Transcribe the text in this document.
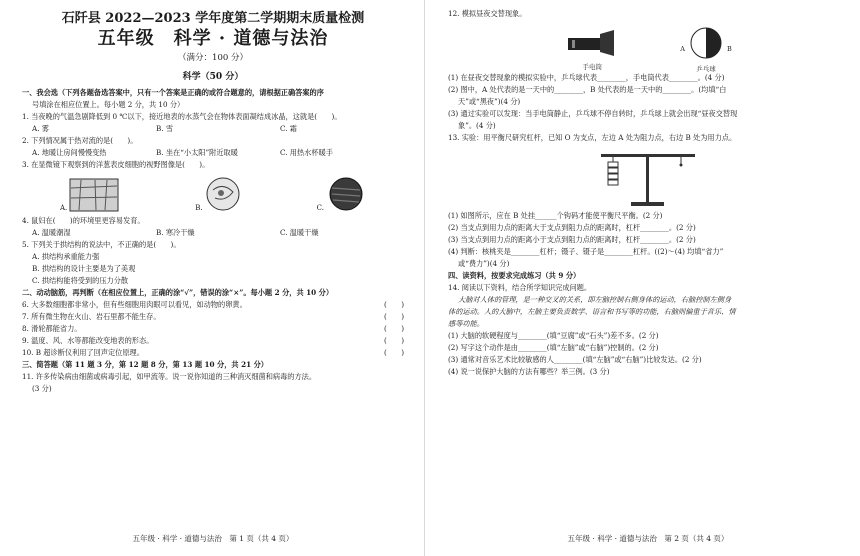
石阡县 2022—2023 学年度第二学期期末质量检测
五年级　科学 · 道德与法治
（满分：100 分）
科学（50 分）
一、我会选（下列各题备选答案中，只有一个答案是正确的或符合题意的，请根据正确答案的序
号填涂在相应位置上。每小题 2 分，共 10 分）
1. 当夜晚的气温急剧降低到 0 ℃以下，接近地表的水蒸气会在物体表面凝结成冰晶，这就是(　　)。
A. 雾	B. 雪	C. 霜
2. 下列情况属于热对流的是(　　)。
A. 地暖让房间慢慢变热	B. 坐在“小太阳”附近取暖	C. 用热水杯暖手
3. 在显微镜下观察到的洋葱表皮细胞的视野图像是(　　)。
A.	B.	C.
4. 鼠妇在(　　)的环境里更容易发育。
A. 温暖潮湿	B. 寒冷干燥	C. 温暖干燥
5. 下列关于拱结构的说法中，不正确的是(　　)。
A. 拱结构承重能力强
B. 拱结构的设计主要是为了美观
C. 拱结构能将受到的压力分散
二、动动脑筋，再判断（在相应位置上，正确的涂“√”，错误的涂“×”。每小题 2 分，共 10 分）
6. 大多数细胞都非常小，但有些细胞用肉眼可以看见，如动物的卵黄。	(　　)
7. 所有微生物在火山、岩石里都不能生存。	(　　)
8. 滑轮都能省力。	(　　)
9. 温度、风、水等都能改变地表的形态。	(　　)
10. B 超诊断仪利用了回声定位原理。	(　　)
三、简答题（第 11 题 3 分，第 12 题 8 分，第 13 题 10 分，共 21 分）
11. 许多传染病由细菌或病毒引起，如甲流等。说一说你知道的三种消灭细菌和病毒的方法。
(3 分)
五年级 · 科学 · 道德与法治　第 1 页（共 4 页）
12. 模拟昼夜交替现象。
手电筒
A
乒乓球
B
(1) 在昼夜交替现象的模拟实验中，乒乓球代表________，手电筒代表________。(4 分)
(2) 图中，A 处代表的是一天中的________，B 处代表的是一天中的________。(均填“白
天”或“黑夜”)(4 分)
(3) 通过实验可以发现：当手电筒静止，乒乓球不停自转时，乒乓球上就会出现“昼夜交替现
象”。(4 分)
13. 实验：用平衡尺研究杠杆，已知 O 为支点，左边 A 处为阻力点，右边 B 处为用力点。
(1) 如图所示，应在 B 处挂______个钩码才能使平衡尺平衡。(2 分)
(2) 当支点到用力点的距离大于支点到阻力点的距离时，杠杆________。(2 分)
(3) 当支点到用力点的距离小于支点到阻力点的距离时，杠杆________。(2 分)
(4) 判断：核桃夹是________杠杆；镊子、镊子是________杠杆。((2)～(4) 均填“省力”
或“费力”)(4 分)
四、读资料，按要求完成练习（共 9 分）
14. 阅读以下资料，结合所学知识完成问题。
大脑对人体的管理，是一种交叉的关系，即左脑控制右侧身体的运动，右脑控制左侧身
体的运动。人的大脑中，左脑主要负责数学、语言和书写等的功能，右脑则偏重于音乐、情
感等功能。
(1) 大脑的软硬程度与________(填“豆腐”或“石头”)差不多。(2 分)
(2) 写字这个动作是由________(填“左脑”或“右脑”)控制的。(2 分)
(3) 通常对音乐艺术比较敏感的人________(填“左脑”或“右脑”)比较发达。(2 分)
(4) 说一说保护大脑的方法有哪些？举三例。(3 分)
五年级 · 科学 · 道德与法治　第 2 页（共 4 页）
